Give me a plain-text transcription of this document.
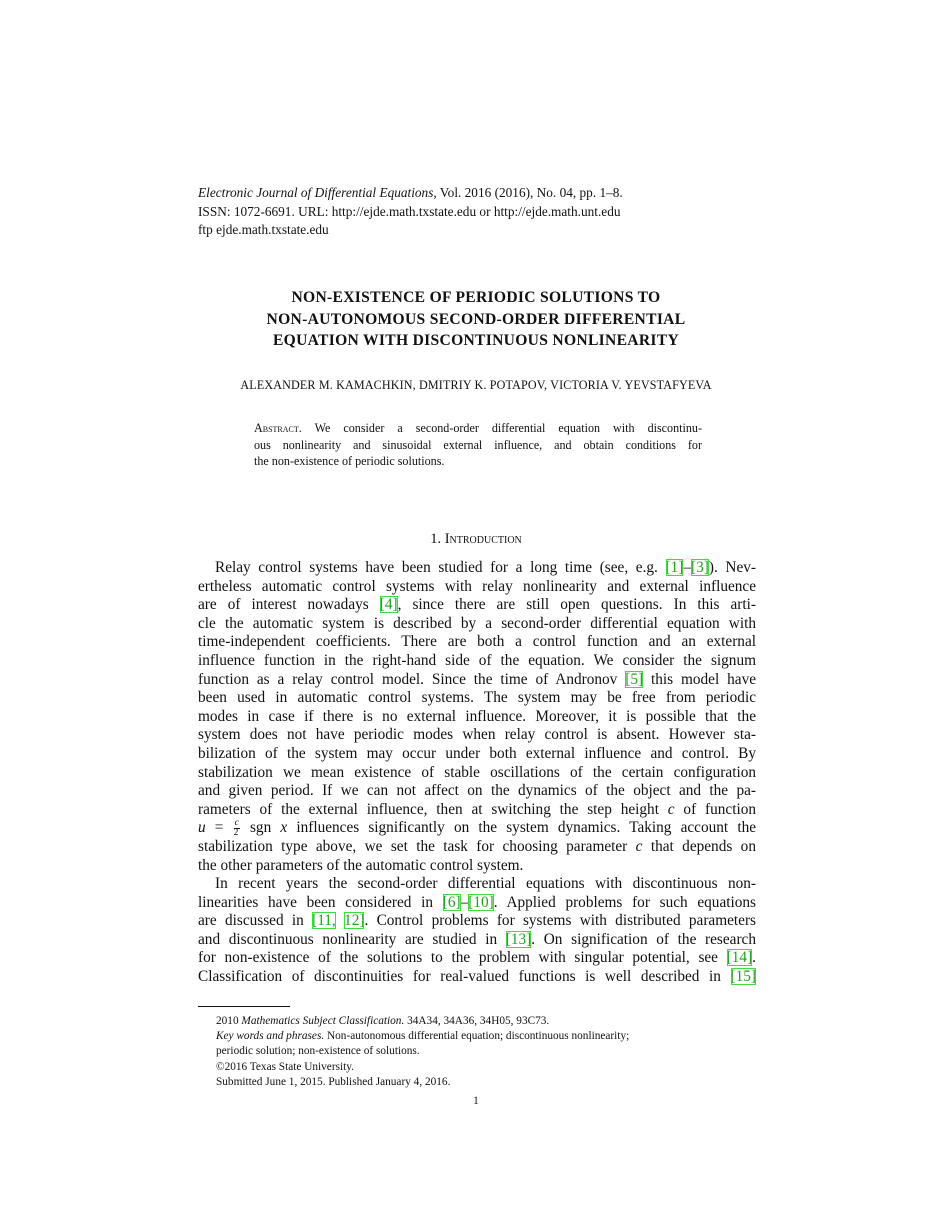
Electronic Journal of Differential Equations, Vol. 2016 (2016), No. 04, pp. 1–8.
ISSN: 1072-6691. URL: http://ejde.math.txstate.edu or http://ejde.math.unt.edu
ftp ejde.math.txstate.edu
NON-EXISTENCE OF PERIODIC SOLUTIONS TO
NON-AUTONOMOUS SECOND-ORDER DIFFERENTIAL
EQUATION WITH DISCONTINUOUS NONLINEARITY
ALEXANDER M. KAMACHKIN, DMITRIY K. POTAPOV, VICTORIA V. YEVSTAFYEVA
Abstract. We consider a second-order differential equation with discontinu-
ous nonlinearity and sinusoidal external influence, and obtain conditions for
the non-existence of periodic solutions.
1. Introduction
Relay control systems have been studied for a long time (see, e.g. [1]–[3]). Nev-
ertheless automatic control systems with relay nonlinearity and external influence
are of interest nowadays [4], since there are still open questions. In this arti-
cle the automatic system is described by a second-order differential equation with
time-independent coefficients. There are both a control function and an external
influence function in the right-hand side of the equation. We consider the signum
function as a relay control model. Since the time of Andronov [5] this model have
been used in automatic control systems. The system may be free from periodic
modes in case if there is no external influence. Moreover, it is possible that the
system does not have periodic modes when relay control is absent. However sta-
bilization of the system may occur under both external influence and control. By
stabilization we mean existence of stable oscillations of the certain configuration
and given period. If we can not affect on the dynamics of the object and the pa-
rameters of the external influence, then at switching the step height c of function
$u = \frac{c}{2}$ sgn x influences significantly on the system dynamics. Taking account the
stabilization type above, we set the task for choosing parameter c that depends on
the other parameters of the automatic control system.
In recent years the second-order differential equations with discontinuous non-
linearities have been considered in [6]–[10]. Applied problems for such equations
are discussed in [11, 12]. Control problems for systems with distributed parameters
and discontinuous nonlinearity are studied in [13]. On signification of the research
for non-existence of the solutions to the problem with singular potential, see [14].
Classification of discontinuities for real-valued functions is well described in [15]
2010 Mathematics Subject Classification. 34A34, 34A36, 34H05, 93C73.
Key words and phrases. Non-autonomous differential equation; discontinuous nonlinearity;
periodic solution; non-existence of solutions.
©2016 Texas State University.
Submitted June 1, 2015. Published January 4, 2016.
1
